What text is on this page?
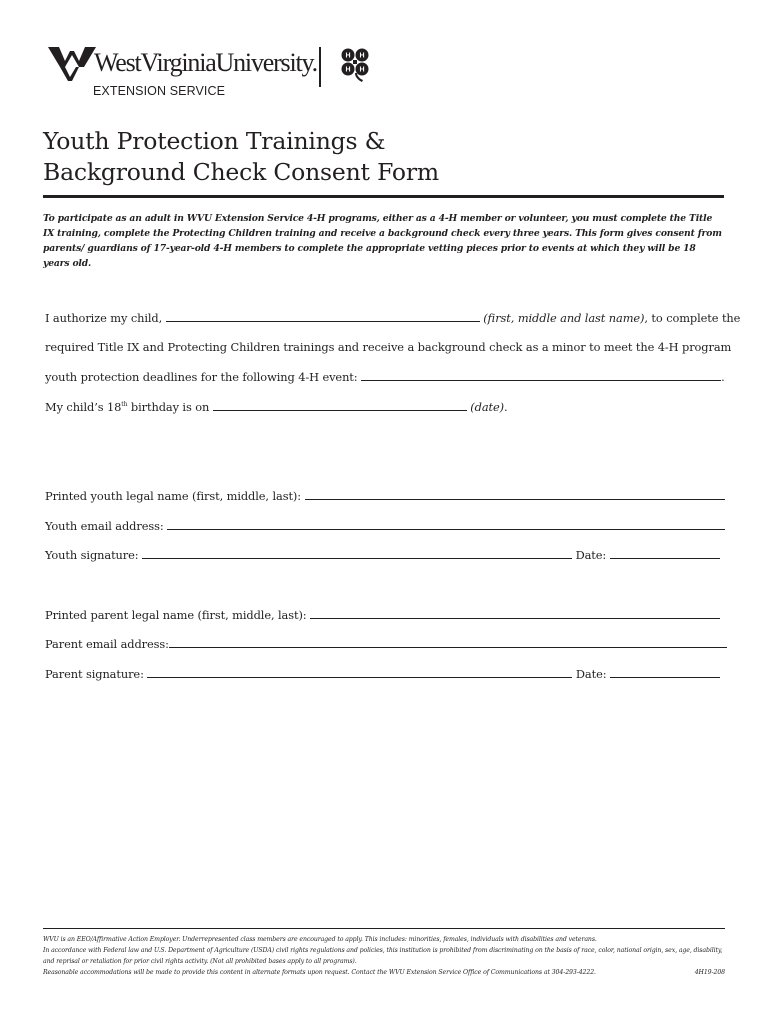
WestVirginiaUniversity.
EXTENSION SERVICE
H H
H H
Youth Protection Trainings &
Background Check Consent Form

To participate as an adult in WVU Extension Service 4-H programs, either as a 4-H member or volunteer, you must complete the Title IX training, complete the Protecting Children training and receive a background check every three years. This form gives consent from parents/ guardians of 17-year-old 4-H members to complete the appropriate vetting pieces prior to events at which they will be 18 years old.

I authorize my child,	(first, middle and last name), to complete the

required Title IX and Protecting Children trainings and receive a background check as a minor to meet the 4-H program

youth protection deadlines for the following 4-H event:	.

My child’s 18th birthday is on	(date).

Printed youth legal name (first, middle, last):

Youth email address:

Youth signature:	Date:

Printed parent legal name (first, middle, last):

Parent email address:

Parent signature:	Date:

WVU is an EEO/Affirmative Action Employer. Underrepresented class members are encouraged to apply. This includes: minorities, females, individuals with disabilities and veterans.
In accordance with Federal law and U.S. Department of Agriculture (USDA) civil rights regulations and policies, this institution is prohibited from discriminating on the basis of race, color, national origin, sex, age, disability,
and reprisal or retaliation for prior civil rights activity. (Not all prohibited bases apply to all programs).
Reasonable accommodations will be made to provide this content in alternate formats upon request. Contact the WVU Extension Service Office of Communications at 304-293-4222.	4H19-208
